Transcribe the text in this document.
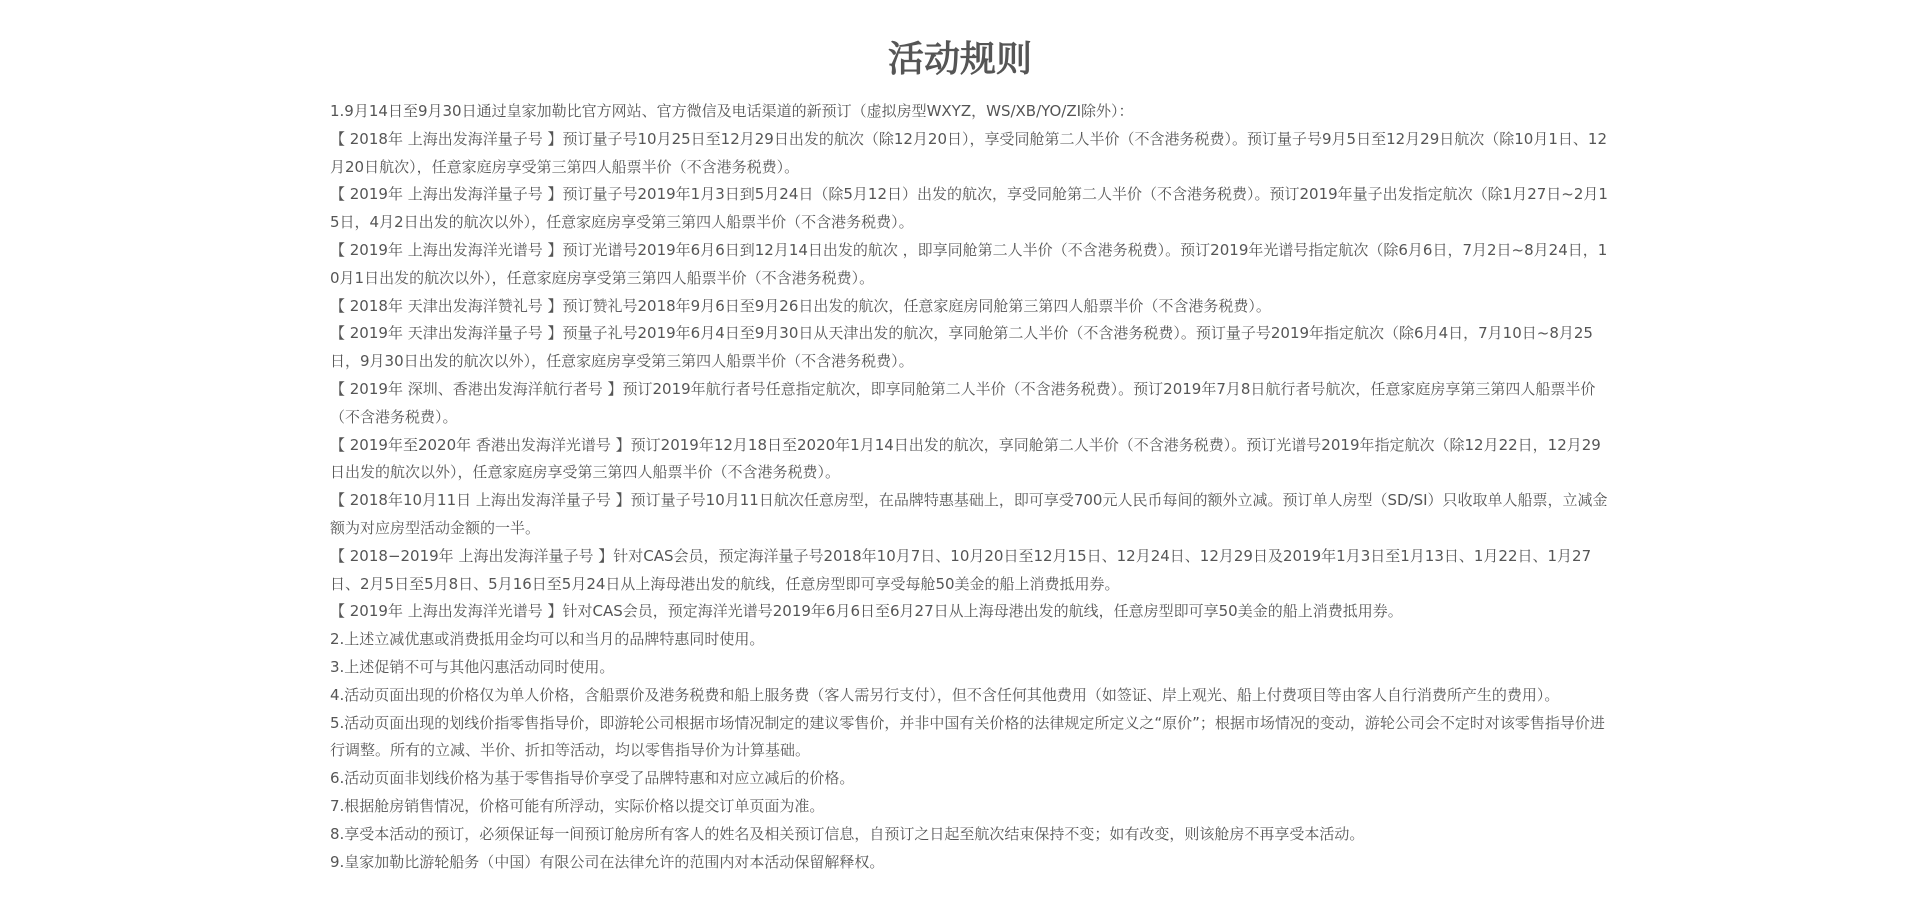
活动规则
1.9月14日至9月30日通过皇家加勒比官方网站、官方微信及电话渠道的新预订（虚拟房型WXYZ，WS/XB/YO/ZI除外）：
【 2018年 上海出发海洋量子号 】预订量子号10月25日至12月29日出发的航次（除12月20日），享受同舱第二人半价（不含港务税费）。预订量子号9月5日至12月29日航次（除10月1日、12月20日航次），任意家庭房享受第三第四人船票半价（不含港务税费）。
【 2019年 上海出发海洋量子号 】预订量子号2019年1月3日到5月24日（除5月12日）出发的航次，享受同舱第二人半价（不含港务税费）。预订2019年量子出发指定航次（除1月27日~2月15日，4月2日出发的航次以外），任意家庭房享受第三第四人船票半价（不含港务税费）。
【 2019年 上海出发海洋光谱号 】预订光谱号2019年6月6日到12月14日出发的航次 ，即享同舱第二人半价（不含港务税费）。预订2019年光谱号指定航次（除6月6日，7月2日~8月24日，10月1日出发的航次以外），任意家庭房享受第三第四人船票半价（不含港务税费）。
【 2018年 天津出发海洋赞礼号 】预订赞礼号2018年9月6日至9月26日出发的航次，任意家庭房同舱第三第四人船票半价（不含港务税费）。
【 2019年 天津出发海洋量子号 】预量子礼号2019年6月4日至9月30日从天津出发的航次，享同舱第二人半价（不含港务税费）。预订量子号2019年指定航次（除6月4日，7月10日~8月25日，9月30日出发的航次以外），任意家庭房享受第三第四人船票半价（不含港务税费）。
【 2019年 深圳、香港出发海洋航行者号 】预订2019年航行者号任意指定航次，即享同舱第二人半价（不含港务税费）。预订2019年7月8日航行者号航次，任意家庭房享第三第四人船票半价（不含港务税费）。
【 2019年至2020年 香港出发海洋光谱号 】预订2019年12月18日至2020年1月14日出发的航次，享同舱第二人半价（不含港务税费）。预订光谱号2019年指定航次（除12月22日，12月29日出发的航次以外），任意家庭房享受第三第四人船票半价（不含港务税费）。
【 2018年10月11日 上海出发海洋量子号 】预订量子号10月11日航次任意房型，在品牌特惠基础上，即可享受700元人民币每间的额外立减。预订单人房型（SD/SI）只收取单人船票，立减金额为对应房型活动金额的一半。
【 2018−2019年 上海出发海洋量子号 】针对CAS会员，预定海洋量子号2018年10月7日、10月20日至12月15日、12月24日、12月29日及2019年1月3日至1月13日、1月22日、1月27日、2月5日至5月8日、5月16日至5月24日从上海母港出发的航线，任意房型即可享受每舱50美金的船上消费抵用券。
【 2019年 上海出发海洋光谱号 】针对CAS会员，预定海洋光谱号2019年6月6日至6月27日从上海母港出发的航线，任意房型即可享50美金的船上消费抵用券。
2.上述立减优惠或消费抵用金均可以和当月的品牌特惠同时使用。
3.上述促销不可与其他闪惠活动同时使用。
4.活动页面出现的价格仅为单人价格，含船票价及港务税费和船上服务费（客人需另行支付），但不含任何其他费用（如签证、岸上观光、船上付费项目等由客人自行消费所产生的费用）。
5.活动页面出现的划线价指零售指导价，即游轮公司根据市场情况制定的建议零售价，并非中国有关价格的法律规定所定义之“原价”；根据市场情况的变动，游轮公司会不定时对该零售指导价进行调整。所有的立减、半价、折扣等活动，均以零售指导价为计算基础。
6.活动页面非划线价格为基于零售指导价享受了品牌特惠和对应立减后的价格。
7.根据舱房销售情况，价格可能有所浮动，实际价格以提交订单页面为准。
8.享受本活动的预订，必须保证每一间预订舱房所有客人的姓名及相关预订信息，自预订之日起至航次结束保持不变；如有改变，则该舱房不再享受本活动。
9.皇家加勒比游轮船务（中国）有限公司在法律允许的范围内对本活动保留解释权。
